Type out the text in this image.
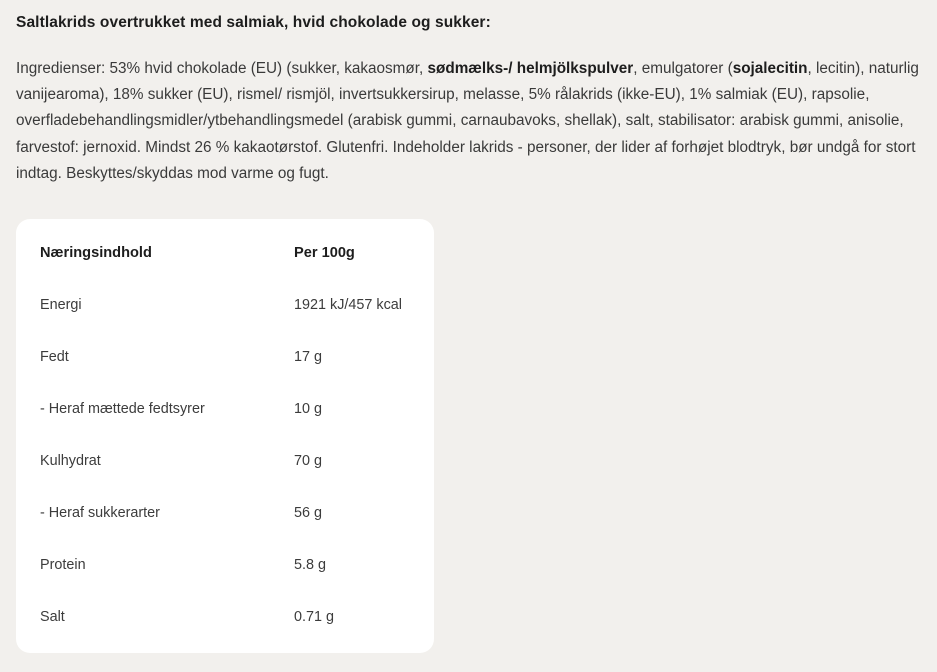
Saltlakrids overtrukket med salmiak, hvid chokolade og sukker:

Ingredienser: 53% hvid chokolade (EU) (sukker, kakaosmør, sødmælks-/ helmjölkspulver, emulgatorer (sojalecitin, lecitin), naturlig vanijearoma), 18% sukker (EU), rismel/ rismjöl, invertsukkersirup, melasse, 5% rålakrids (ikke-EU), 1% salmiak (EU), rapsolie, overfladebehandlingsmidler/ytbehandlingsmedel (arabisk gummi, carnaubavoks, shellak), salt, stabilisator: arabisk gummi, anisolie, farvestof: jernoxid. Mindst 26 % kakaotørstof. Glutenfri. Indeholder lakrids - personer, der lider af forhøjet blodtryk, bør undgå for stort indtag. Beskyttes/skyddas mod varme og fugt.

Næringsindhold	Per 100g
Energi	1921 kJ/457 kcal
Fedt	17 g
- Heraf mættede fedtsyrer	10 g
Kulhydrat	70 g
- Heraf sukkerarter	56 g
Protein	5.8 g
Salt	0.71 g
